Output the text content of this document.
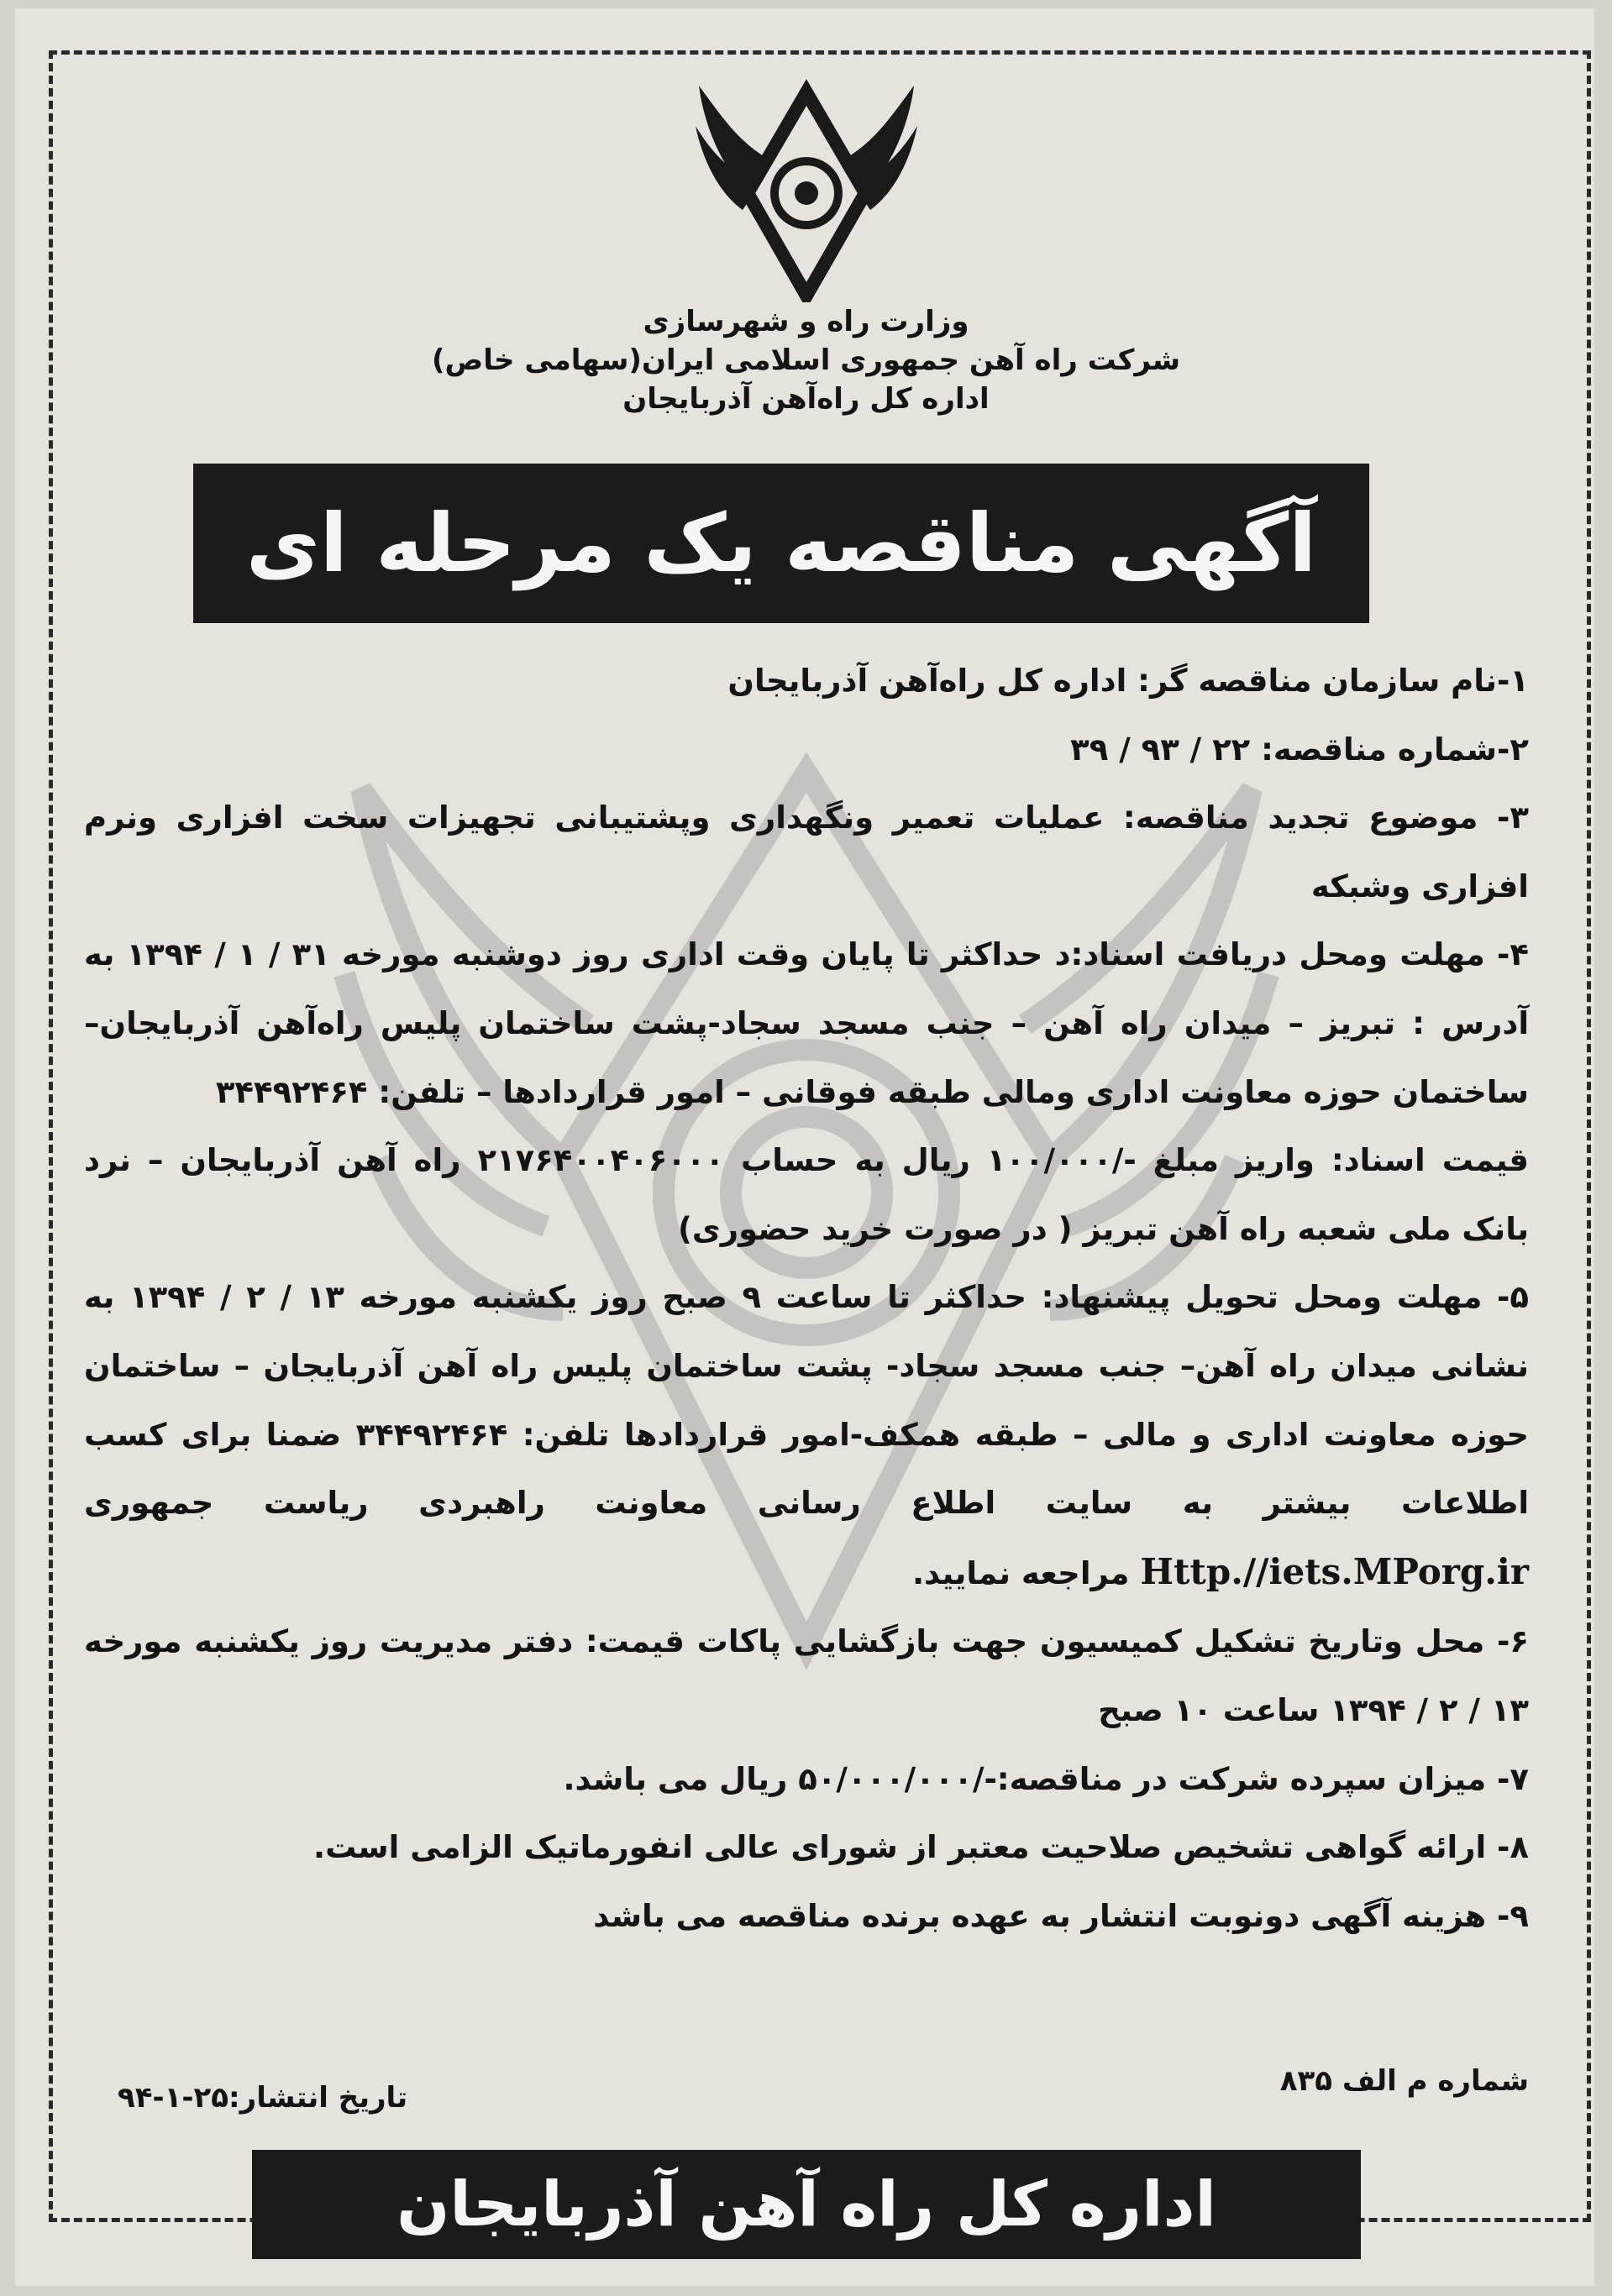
وزارت راه و شهرسازی
شرکت راه آهن جمهوری اسلامی ایران(سهامی خاص)
اداره کل راه‌آهن آذربایجان
آگهی مناقصه یک مرحله ای

۱-نام سازمان مناقصه گر: اداره کل راه‌آهن آذربایجان

۲-شماره مناقصه: ۲۲ / ۹۳ / ۳۹

۳- موضوع تجدید مناقصه: عملیات تعمیر ونگهداری وپشتیبانی تجهیزات سخت افزاری ونرم افزاری وشبکه

۴- مهلت ومحل دریافت اسناد:د حداکثر تا پایان وقت اداری روز دوشنبه مورخه ۳۱ / ۱ / ۱۳۹۴ به آدرس : تبریز – میدان راه آهن – جنب مسجد سجاد-پشت ساختمان پلیس راه‌آهن آذربایجان–ساختمان حوزه معاونت اداری ومالی طبقه فوقانی – امور قراردادها – تلفن: ۳۴۴۹۲۴۶۴

قیمت اسناد: واریز مبلغ -/۱۰۰/۰۰۰ ریال به حساب ۲۱۷۶۴۰۰۴۰۶۰۰۰ راه آهن آذربایجان – نرد بانک ملی شعبه راه آهن تبریز ( در صورت خرید حضوری)

۵- مهلت ومحل تحویل پیشنهاد: حداکثر تا ساعت ۹ صبح روز یکشنبه مورخه ۱۳ / ۲ / ۱۳۹۴ به نشانی میدان راه آهن– جنب مسجد سجاد- پشت ساختمان پلیس راه آهن آذربایجان – ساختمان حوزه معاونت اداری و مالی – طبقه همکف-امور قراردادها تلفن: ۳۴۴۹۲۴۶۴ ضمنا برای کسب اطلاعات بیشتر به سایت اطلاع رسانی معاونت راهبردی ریاست جمهوری Http.//iets.MPorg.ir مراجعه نمایید.

۶- محل وتاریخ تشکیل کمیسیون جهت بازگشایی پاکات قیمت: دفتر مدیریت روز یکشنبه مورخه ۱۳ / ۲ / ۱۳۹۴ ساعت ۱۰ صبح

۷- میزان سپرده شرکت در مناقصه:-/۵۰/۰۰۰/۰۰۰ ریال می باشد.

۸- ارائه گواهی تشخیص صلاحیت معتبر از شورای عالی انفورماتیک الزامی است.

۹- هزینه آگهی دونوبت انتشار به عهده برنده مناقصه می باشد

شماره م الف ۸۳۵
تاریخ انتشار:۲۵-۱-۹۴
اداره کل راه آهن آذربایجان
